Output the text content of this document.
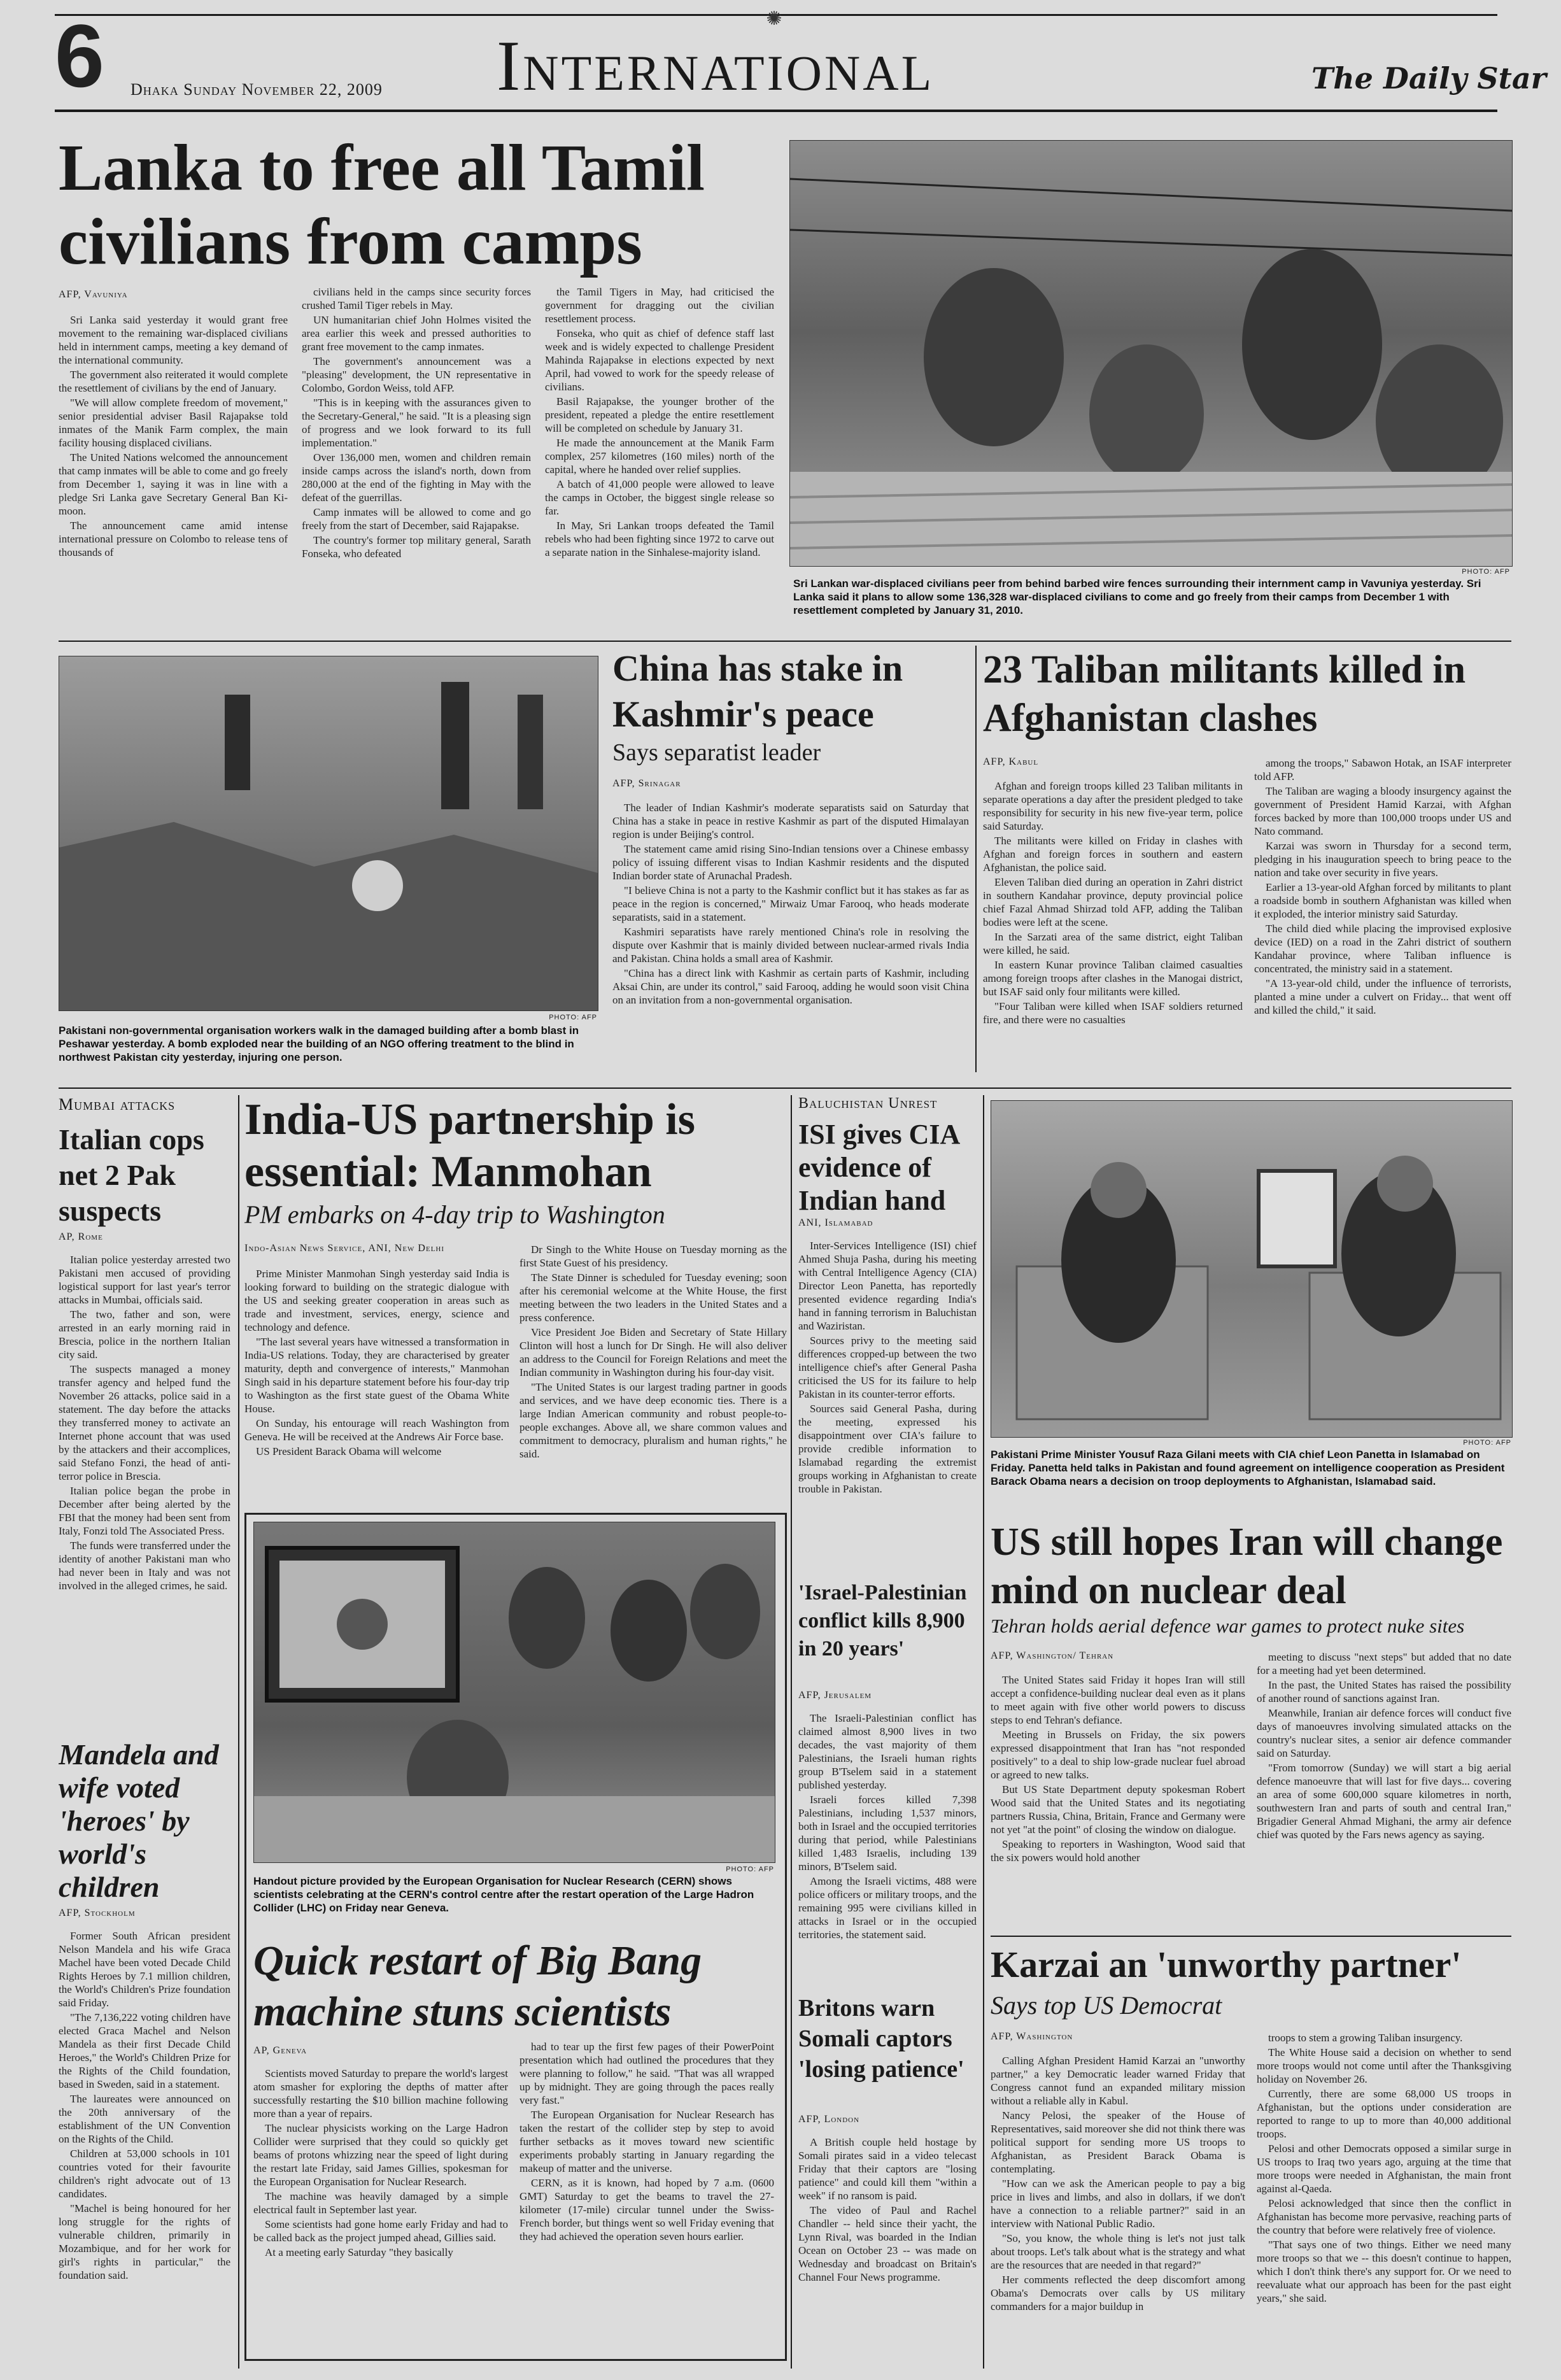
✺
6 Dhaka Sunday November 22, 2009 International	The Daily Star
Lanka to free all Tamil civilians from camps
AFP, Vavuniya

Sri Lanka said yesterday it would grant free movement to the remaining war-displaced civilians held in internment camps, meeting a key demand of the international community.

The government also reiterated it would complete the resettlement of civilians by the end of January.

"We will allow complete freedom of movement," senior presidential adviser Basil Rajapakse told inmates of the Manik Farm complex, the main facility housing displaced civilians.

The United Nations welcomed the announcement that camp inmates will be able to come and go freely from December 1, saying it was in line with a pledge Sri Lanka gave Secretary General Ban Ki-moon.

The announcement came amid intense international pressure on Colombo to release tens of thousands of

civilians held in the camps since security forces crushed Tamil Tiger rebels in May.

UN humanitarian chief John Holmes visited the area earlier this week and pressed authorities to grant free movement to the camp inmates.

The government's announcement was a "pleasing" development, the UN representative in Colombo, Gordon Weiss, told AFP.

"This is in keeping with the assurances given to the Secretary-General," he said. "It is a pleasing sign of progress and we look forward to its full implementation."

Over 136,000 men, women and children remain inside camps across the island's north, down from 280,000 at the end of the fighting in May with the defeat of the guerrillas.

Camp inmates will be allowed to come and go freely from the start of December, said Rajapakse.

The country's former top military general, Sarath Fonseka, who defeated

the Tamil Tigers in May, had criticised the government for dragging out the civilian resettlement process.

Fonseka, who quit as chief of defence staff last week and is widely expected to challenge President Mahinda Rajapakse in elections expected by next April, had vowed to work for the speedy release of civilians.

Basil Rajapakse, the younger brother of the president, repeated a pledge the entire resettlement will be completed on schedule by January 31.

He made the announcement at the Manik Farm complex, 257 kilometres (160 miles) north of the capital, where he handed over relief supplies.

A batch of 41,000 people were allowed to leave the camps in October, the biggest single release so far.

In May, Sri Lankan troops defeated the Tamil rebels who had been fighting since 1972 to carve out a separate nation in the Sinhalese-majority island.

PHOTO: AFP
Sri Lankan war-displaced civilians peer from behind barbed wire fences surrounding their internment camp in Vavuniya yesterday. Sri Lanka said it plans to allow some 136,328 war-displaced civilians to come and go freely from their camps from December 1 with resettlement completed by January 31, 2010.
PHOTO: AFP
Pakistani non-governmental organisation workers walk in the damaged building after a bomb blast in Peshawar yesterday. A bomb exploded near the building of an NGO offering treatment to the blind in northwest Pakistan city yesterday, injuring one person.
China has stake in Kashmir's peace
Says separatist leader
AFP, Srinagar

The leader of Indian Kashmir's moderate separatists said on Saturday that China has a stake in peace in restive Kashmir as part of the disputed Himalayan region is under Beijing's control.

The statement came amid rising Sino-Indian tensions over a Chinese embassy policy of issuing different visas to Indian Kashmir residents and the disputed Indian border state of Arunachal Pradesh.

"I believe China is not a party to the Kashmir conflict but it has stakes as far as peace in the region is concerned," Mirwaiz Umar Farooq, who heads moderate separatists, said in a statement.

Kashmiri separatists have rarely mentioned China's role in resolving the dispute over Kashmir that is mainly divided between nuclear-armed rivals India and Pakistan. China holds a small area of Kashmir.

"China has a direct link with Kashmir as certain parts of Kashmir, including Aksai Chin, are under its control," said Farooq, adding he would soon visit China on an invitation from a non-governmental organisation.

23 Taliban militants killed in Afghanistan clashes
AFP, Kabul

Afghan and foreign troops killed 23 Taliban militants in separate operations a day after the president pledged to take responsibility for security in his new five-year term, police said Saturday.

The militants were killed on Friday in clashes with Afghan and foreign forces in southern and eastern Afghanistan, the police said.

Eleven Taliban died during an operation in Zahri district in southern Kandahar province, deputy provincial police chief Fazal Ahmad Shirzad told AFP, adding the Taliban bodies were left at the scene.

In the Sarzati area of the same district, eight Taliban were killed, he said.

In eastern Kunar province Taliban claimed casualties among foreign troops after clashes in the Manogai district, but ISAF said only four militants were killed.

"Four Taliban were killed when ISAF soldiers returned fire, and there were no casualties

among the troops," Sabawon Hotak, an ISAF interpreter told AFP.

The Taliban are waging a bloody insurgency against the government of President Hamid Karzai, with Afghan forces backed by more than 100,000 troops under US and Nato command.

Karzai was sworn in Thursday for a second term, pledging in his inauguration speech to bring peace to the nation and take over security in five years.

Earlier a 13-year-old Afghan forced by militants to plant a roadside bomb in southern Afghanistan was killed when it exploded, the interior ministry said Saturday.

The child died while placing the improvised explosive device (IED) on a road in the Zahri district of southern Kandahar province, where Taliban influence is concentrated, the ministry said in a statement.

"A 13-year-old child, under the influence of terrorists, planted a mine under a culvert on Friday... that went off and killed the child," it said.

Mumbai attacks
Italian cops net 2 Pak suspects
AP, Rome

Italian police yesterday arrested two Pakistani men accused of providing logistical support for last year's terror attacks in Mumbai, officials said.

The two, father and son, were arrested in an early morning raid in Brescia, police in the northern Italian city said.

The suspects managed a money transfer agency and helped fund the November 26 attacks, police said in a statement. The day before the attacks they transferred money to activate an Internet phone account that was used by the attackers and their accomplices, said Stefano Fonzi, the head of anti-terror police in Brescia.

Italian police began the probe in December after being alerted by the FBI that the money had been sent from Italy, Fonzi told The Associated Press.

The funds were transferred under the identity of another Pakistani man who had never been in Italy and was not involved in the alleged crimes, he said.

Mandela and wife voted 'heroes' by world's children
AFP, Stockholm

Former South African president Nelson Mandela and his wife Graca Machel have been voted Decade Child Rights Heroes by 7.1 million children, the World's Children's Prize foundation said Friday.

"The 7,136,222 voting children have elected Graca Machel and Nelson Mandela as their first Decade Child Heroes," the World's Children Prize for the Rights of the Child foundation, based in Sweden, said in a statement.

The laureates were announced on the 20th anniversary of the establishment of the UN Convention on the Rights of the Child.

Children at 53,000 schools in 101 countries voted for their favourite children's right advocate out of 13 candidates.

"Machel is being honoured for her long struggle for the rights of vulnerable children, primarily in Mozambique, and for her work for girl's rights in particular," the foundation said.

India-US partnership is essential: Manmohan
PM embarks on 4-day trip to Washington
Indo-Asian News Service, ANI, New Delhi

Prime Minister Manmohan Singh yesterday said India is looking forward to building on the strategic dialogue with the US and seeking greater cooperation in areas such as trade and investment, services, energy, science and technology and defence.

"The last several years have witnessed a transformation in India-US relations. Today, they are characterised by greater maturity, depth and convergence of interests," Manmohan Singh said in his departure statement before his four-day trip to Washington as the first state guest of the Obama White House.

On Sunday, his entourage will reach Washington from Geneva. He will be received at the Andrews Air Force base.

US President Barack Obama will welcome

Dr Singh to the White House on Tuesday morning as the first State Guest of his presidency.

The State Dinner is scheduled for Tuesday evening; soon after his ceremonial welcome at the White House, the first meeting between the two leaders in the United States and a press conference.

Vice President Joe Biden and Secretary of State Hillary Clinton will host a lunch for Dr Singh. He will also deliver an address to the Council for Foreign Relations and meet the Indian community in Washington during his four-day visit.

"The United States is our largest trading partner in goods and services, and we have deep economic ties. There is a large Indian American community and robust people-to-people exchanges. Above all, we share common values and commitment to democracy, pluralism and human rights," he said.

PHOTO: AFP
Handout picture provided by the European Organisation for Nuclear Research (CERN) shows scientists celebrating at the CERN's control centre after the restart operation of the Large Hadron Collider (LHC) on Friday near Geneva.
Quick restart of Big Bang machine stuns scientists
AP, Geneva

Scientists moved Saturday to prepare the world's largest atom smasher for exploring the depths of matter after successfully restarting the $10 billion machine following more than a year of repairs.

The nuclear physicists working on the Large Hadron Collider were surprised that they could so quickly get beams of protons whizzing near the speed of light during the restart late Friday, said James Gillies, spokesman for the European Organisation for Nuclear Research.

The machine was heavily damaged by a simple electrical fault in September last year.

Some scientists had gone home early Friday and had to be called back as the project jumped ahead, Gillies said.

At a meeting early Saturday "they basically

had to tear up the first few pages of their PowerPoint presentation which had outlined the procedures that they were planning to follow," he said. "That was all wrapped up by midnight. They are going through the paces really very fast."

The European Organisation for Nuclear Research has taken the restart of the collider step by step to avoid further setbacks as it moves toward new scientific experiments probably starting in January regarding the makeup of matter and the universe.

CERN, as it is known, had hoped by 7 a.m. (0600 GMT) Saturday to get the beams to travel the 27-kilometer (17-mile) circular tunnel under the Swiss-French border, but things went so well Friday evening that they had achieved the operation seven hours earlier.

Baluchistan Unrest
ISI gives CIA evidence of Indian hand
ANI, Islamabad

Inter-Services Intelligence (ISI) chief Ahmed Shuja Pasha, during his meeting with Central Intelligence Agency (CIA) Director Leon Panetta, has reportedly presented evidence regarding India's hand in fanning terrorism in Baluchistan and Waziristan.

Sources privy to the meeting said differences cropped-up between the two intelligence chief's after General Pasha criticised the US for its failure to help Pakistan in its counter-terror efforts.

Sources said General Pasha, during the meeting, expressed his disappointment over CIA's failure to provide credible information to Islamabad regarding the extremist groups working in Afghanistan to create trouble in Pakistan.

'Israel-Palestinian conflict kills 8,900 in 20 years'
AFP, Jerusalem

The Israeli-Palestinian conflict has claimed almost 8,900 lives in two decades, the vast majority of them Palestinians, the Israeli human rights group B'Tselem said in a statement published yesterday.

Israeli forces killed 7,398 Palestinians, including 1,537 minors, both in Israel and the occupied territories during that period, while Palestinians killed 1,483 Israelis, including 139 minors, B'Tselem said.

Among the Israeli victims, 488 were police officers or military troops, and the remaining 995 were civilians killed in attacks in Israel or in the occupied territories, the statement said.

Britons warn Somali captors 'losing patience'
AFP, London

A British couple held hostage by Somali pirates said in a video telecast Friday that their captors are "losing patience" and could kill them "within a week" if no ransom is paid.

The video of Paul and Rachel Chandler -- held since their yacht, the Lynn Rival, was boarded in the Indian Ocean on October 23 -- was made on Wednesday and broadcast on Britain's Channel Four News programme.

PHOTO: AFP
Pakistani Prime Minister Yousuf Raza Gilani meets with CIA chief Leon Panetta in Islamabad on Friday. Panetta held talks in Pakistan and found agreement on intelligence cooperation as President Barack Obama nears a decision on troop deployments to Afghanistan, Islamabad said.
US still hopes Iran will change mind on nuclear deal
Tehran holds aerial defence war games to protect nuke sites
AFP, Washington/ Tehran

The United States said Friday it hopes Iran will still accept a confidence-building nuclear deal even as it plans to meet again with five other world powers to discuss steps to end Tehran's defiance.

Meeting in Brussels on Friday, the six powers expressed disappointment that Iran has "not responded positively" to a deal to ship low-grade nuclear fuel abroad or agreed to new talks.

But US State Department deputy spokesman Robert Wood said that the United States and its negotiating partners Russia, China, Britain, France and Germany were not yet "at the point" of closing the window on dialogue.

Speaking to reporters in Washington, Wood said that the six powers would hold another

meeting to discuss "next steps" but added that no date for a meeting had yet been determined.

In the past, the United States has raised the possibility of another round of sanctions against Iran.

Meanwhile, Iranian air defence forces will conduct five days of manoeuvres involving simulated attacks on the country's nuclear sites, a senior air defence commander said on Saturday.

"From tomorrow (Sunday) we will start a big aerial defence manoeuvre that will last for five days... covering an area of some 600,000 square kilometres in north, southwestern Iran and parts of south and central Iran," Brigadier General Ahmad Mighani, the army air defence chief was quoted by the Fars news agency as saying.

Karzai an 'unworthy partner'
Says top US Democrat
AFP, Washington

Calling Afghan President Hamid Karzai an "unworthy partner," a key Democratic leader warned Friday that Congress cannot fund an expanded military mission without a reliable ally in Kabul.

Nancy Pelosi, the speaker of the House of Representatives, said moreover she did not think there was political support for sending more US troops to Afghanistan, as President Barack Obama is contemplating.

"How can we ask the American people to pay a big price in lives and limbs, and also in dollars, if we don't have a connection to a reliable partner?" said in an interview with National Public Radio.

"So, you know, the whole thing is let's not just talk about troops. Let's talk about what is the strategy and what are the resources that are needed in that regard?"

Her comments reflected the deep discomfort among Obama's Democrats over calls by US military commanders for a major buildup in

troops to stem a growing Taliban insurgency.

The White House said a decision on whether to send more troops would not come until after the Thanksgiving holiday on November 26.

Currently, there are some 68,000 US troops in Afghanistan, but the options under consideration are reported to range to up to more than 40,000 additional troops.

Pelosi and other Democrats opposed a similar surge in US troops to Iraq two years ago, arguing at the time that more troops were needed in Afghanistan, the main front against al-Qaeda.

Pelosi acknowledged that since then the conflict in Afghanistan has become more pervasive, reaching parts of the country that before were relatively free of violence.

"That says one of two things. Either we need many more troops so that we -- this doesn't continue to happen, which I don't think there's any support for. Or we need to reevaluate what our approach has been for the past eight years," she said.
